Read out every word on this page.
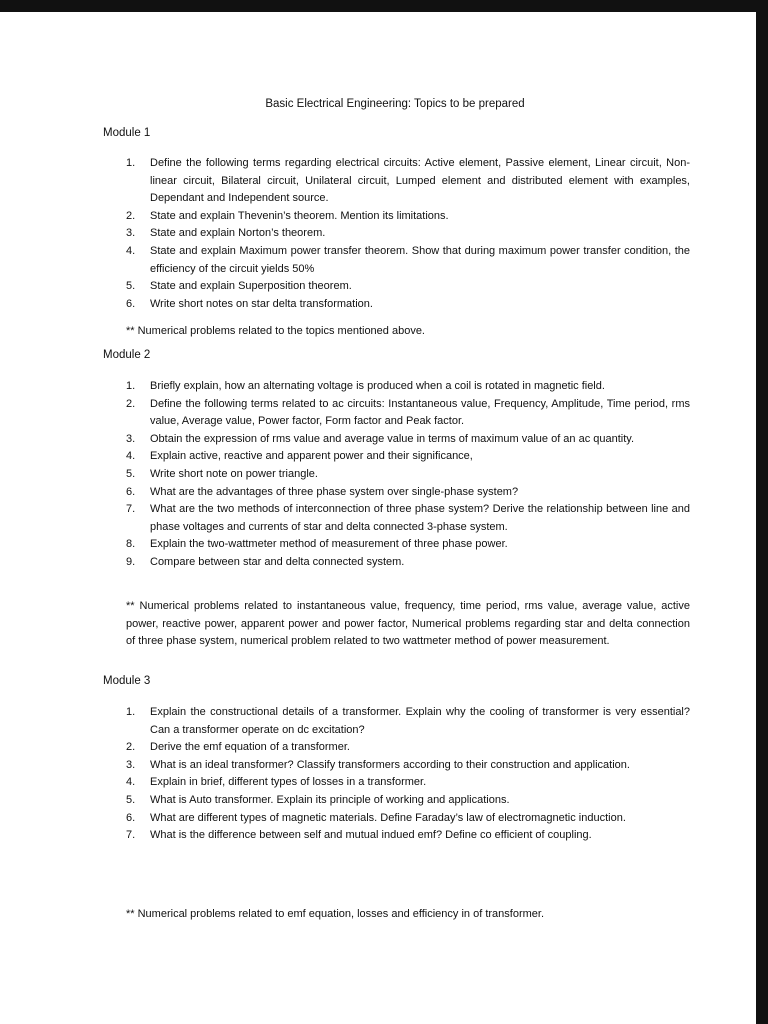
Basic Electrical Engineering: Topics to be prepared
Module 1
1. Define the following terms regarding electrical circuits: Active element, Passive element, Linear circuit, Non-linear circuit, Bilateral circuit, Unilateral circuit, Lumped element and distributed element with examples, Dependant and Independent source.
2. State and explain Thevenin’s theorem. Mention its limitations.
3. State and explain Norton’s theorem.
4. State and explain Maximum power transfer theorem. Show that during maximum power transfer condition, the efficiency of the circuit yields 50%
5. State and explain Superposition theorem.
6. Write short notes on star delta transformation.
** Numerical problems related to the topics mentioned above.
Module 2
1. Briefly explain, how an alternating voltage is produced when a coil is rotated in magnetic field.
2. Define the following terms related to ac circuits: Instantaneous value, Frequency, Amplitude, Time period, rms value, Average value, Power factor, Form factor and Peak factor.
3. Obtain the expression of rms value and average value in terms of maximum value of an ac quantity.
4. Explain active, reactive and apparent power and their significance,
5. Write short note on power triangle.
6. What are the advantages of three phase system over single-phase system?
7. What are the two methods of interconnection of three phase system? Derive the relationship between line and phase voltages and currents of star and delta connected 3-phase system.
8. Explain the two-wattmeter method of measurement of three phase power.
9. Compare between star and delta connected system.
** Numerical problems related to instantaneous value, frequency, time period, rms value, average value, active power, reactive power, apparent power and power factor, Numerical problems regarding star and delta connection of three phase system, numerical problem related to two wattmeter method of power measurement.
Module 3
1. Explain the constructional details of a transformer. Explain why the cooling of transformer is very essential? Can a transformer operate on dc excitation?
2. Derive the emf equation of a transformer.
3. What is an ideal transformer? Classify transformers according to their construction and application.
4. Explain in brief, different types of losses in a transformer.
5. What is Auto transformer. Explain its principle of working and applications.
6. What are different types of magnetic materials. Define Faraday’s law of electromagnetic induction.
7. What is the difference between self and mutual indued emf? Define co efficient of coupling.
** Numerical problems related to emf equation, losses and efficiency in of transformer.
